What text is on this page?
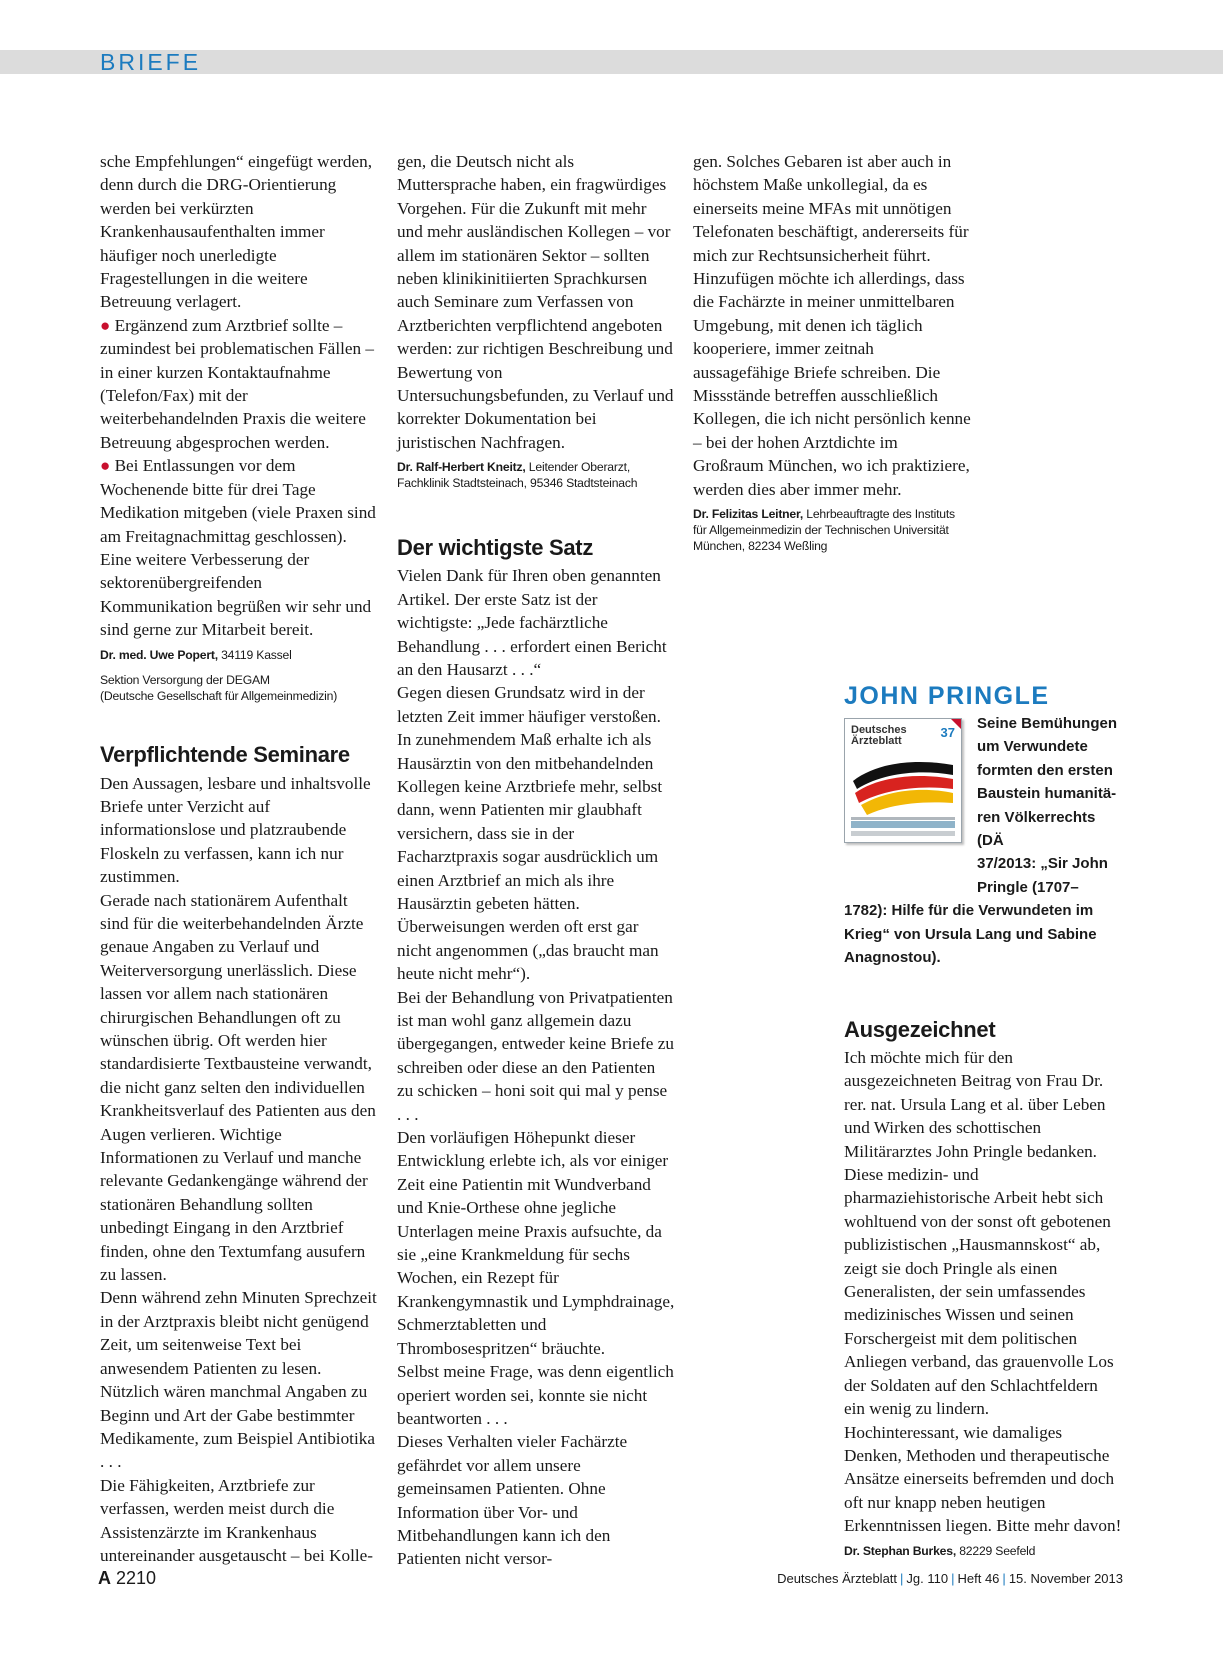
BRIEFE

sche Empfehlungen“ eingefügt werden, denn durch die DRG-Orientierung werden bei verkürzten Krankenhausaufenthalten immer häufiger noch unerledigte Fragestellungen in die weitere Betreuung verlagert.

● Ergänzend zum Arztbrief sollte – zumindest bei problematischen Fällen – in einer kurzen Kontaktaufnahme (Telefon/Fax) mit der weiterbehandelnden Praxis die weitere Betreuung abgesprochen werden.

● Bei Entlassungen vor dem Wochenende bitte für drei Tage Medikation mitgeben (viele Praxen sind am Freitagnachmittag geschlossen).

Eine weitere Verbesserung der sektorenübergreifenden Kommunikation begrüßen wir sehr und sind gerne zur Mitarbeit bereit.

Dr. med. Uwe Popert, 34119 Kassel

Sektion Versorgung der DEGAM
(Deutsche Gesellschaft für Allgemeinmedizin)

Verpflichtende Seminare

Den Aussagen, lesbare und inhaltsvolle Briefe unter Verzicht auf informationslose und platzraubende Floskeln zu verfassen, kann ich nur zustimmen.

Gerade nach stationärem Aufenthalt sind für die weiterbehandelnden Ärzte genaue Angaben zu Verlauf und Weiterversorgung unerlässlich. Diese lassen vor allem nach stationären chirurgischen Behandlungen oft zu wünschen übrig. Oft werden hier standardisierte Textbausteine verwandt, die nicht ganz selten den individuellen Krankheitsverlauf des Patienten aus den Augen verlieren. Wichtige Informationen zu Verlauf und manche relevante Gedankengänge während der stationären Behandlung sollten unbedingt Eingang in den Arztbrief finden, ohne den Textumfang ausufern zu lassen.

Denn während zehn Minuten Sprechzeit in der Arztpraxis bleibt nicht genügend Zeit, um seitenweise Text bei anwesendem Patienten zu lesen. Nützlich wären manchmal Angaben zu Beginn und Art der Gabe bestimmter Medikamente, zum Beispiel Antibiotika . . .

Die Fähigkeiten, Arztbriefe zur verfassen, werden meist durch die Assistenzärzte im Krankenhaus untereinander ausgetauscht – bei Kolle-

gen, die Deutsch nicht als Muttersprache haben, ein fragwürdiges Vorgehen. Für die Zukunft mit mehr und mehr ausländischen Kollegen – vor allem im stationären Sektor – sollten neben klinikinitiierten Sprachkursen auch Seminare zum Verfassen von Arztberichten verpflichtend angeboten werden: zur richtigen Beschreibung und Bewertung von Untersuchungsbefunden, zu Verlauf und korrekter Dokumentation bei juristischen Nachfragen.

Dr. Ralf-Herbert Kneitz, Leitender Oberarzt, Fachklinik Stadtsteinach, 95346 Stadtsteinach

Der wichtigste Satz

Vielen Dank für Ihren oben genannten Artikel. Der erste Satz ist der wichtigste: „Jede fachärztliche Behandlung . . . erfordert einen Bericht an den Hausarzt . . .“

Gegen diesen Grundsatz wird in der letzten Zeit immer häufiger verstoßen. In zunehmendem Maß erhalte ich als Hausärztin von den mitbehandelnden Kollegen keine Arztbriefe mehr, selbst dann, wenn Patienten mir glaubhaft versichern, dass sie in der Facharztpraxis sogar ausdrücklich um einen Arztbrief an mich als ihre Hausärztin gebeten hätten. Überweisungen werden oft erst gar nicht angenommen („das braucht man heute nicht mehr“).

Bei der Behandlung von Privatpatienten ist man wohl ganz allgemein dazu übergegangen, entweder keine Briefe zu schreiben oder diese an den Patienten zu schicken – honi soit qui mal y pense . . .

Den vorläufigen Höhepunkt dieser Entwicklung erlebte ich, als vor einiger Zeit eine Patientin mit Wundverband und Knie-Orthese ohne jegliche Unterlagen meine Praxis aufsuchte, da sie „eine Krankmeldung für sechs Wochen, ein Rezept für Krankengymnastik und Lymphdrainage, Schmerztabletten und Thrombosespritzen“ bräuchte.

Selbst meine Frage, was denn eigentlich operiert worden sei, konnte sie nicht beantworten . . .

Dieses Verhalten vieler Fachärzte gefährdet vor allem unsere gemeinsamen Patienten. Ohne Information über Vor- und Mitbehandlungen kann ich den Patienten nicht versor-

gen. Solches Gebaren ist aber auch in höchstem Maße unkollegial, da es einerseits meine MFAs mit unnötigen Telefonaten beschäftigt, andererseits für mich zur Rechtsunsicherheit führt.

Hinzufügen möchte ich allerdings, dass die Fachärzte in meiner unmittelbaren Umgebung, mit denen ich täglich kooperiere, immer zeitnah aussagefähige Briefe schreiben. Die Missstände betreffen ausschließlich Kollegen, die ich nicht persönlich kenne – bei der hohen Arztdichte im Großraum München, wo ich praktiziere, werden dies aber immer mehr.

Dr. Felizitas Leitner, Lehrbeauftragte des Instituts für Allgemeinmedizin der Technischen Universität München, 82234 Weßling

JOHN PRINGLE
Deutsches Ärzteblatt
37
Seine Bemühungen
um Verwundete
formten den ersten
Baustein humanitä-
ren Völkerrechts (DÄ
37/2013: „Sir John
Pringle (1707–
1782): Hilfe für die Verwundeten im
Krieg“ von Ursula Lang und Sabine
Anagnostou).
Ausgezeichnet

Ich möchte mich für den ausgezeichneten Beitrag von Frau Dr. rer. nat. Ursula Lang et al. über Leben und Wirken des schottischen Militärarztes John Pringle bedanken. Diese medizin- und pharmaziehistorische Arbeit hebt sich wohltuend von der sonst oft gebotenen publizistischen „Hausmannskost“ ab, zeigt sie doch Pringle als einen Generalisten, der sein umfassendes medizinisches Wissen und seinen Forschergeist mit dem politischen Anliegen verband, das grauenvolle Los der Soldaten auf den Schlachtfeldern ein wenig zu lindern.

Hochinteressant, wie damaliges Denken, Methoden und therapeutische Ansätze einerseits befremden und doch oft nur knapp neben heutigen Erkenntnissen liegen. Bitte mehr davon!

Dr. Stephan Burkes, 82229 Seefeld

A 2210	Deutsches Ärzteblatt | Jg. 110 | Heft 46 | 15. November 2013
